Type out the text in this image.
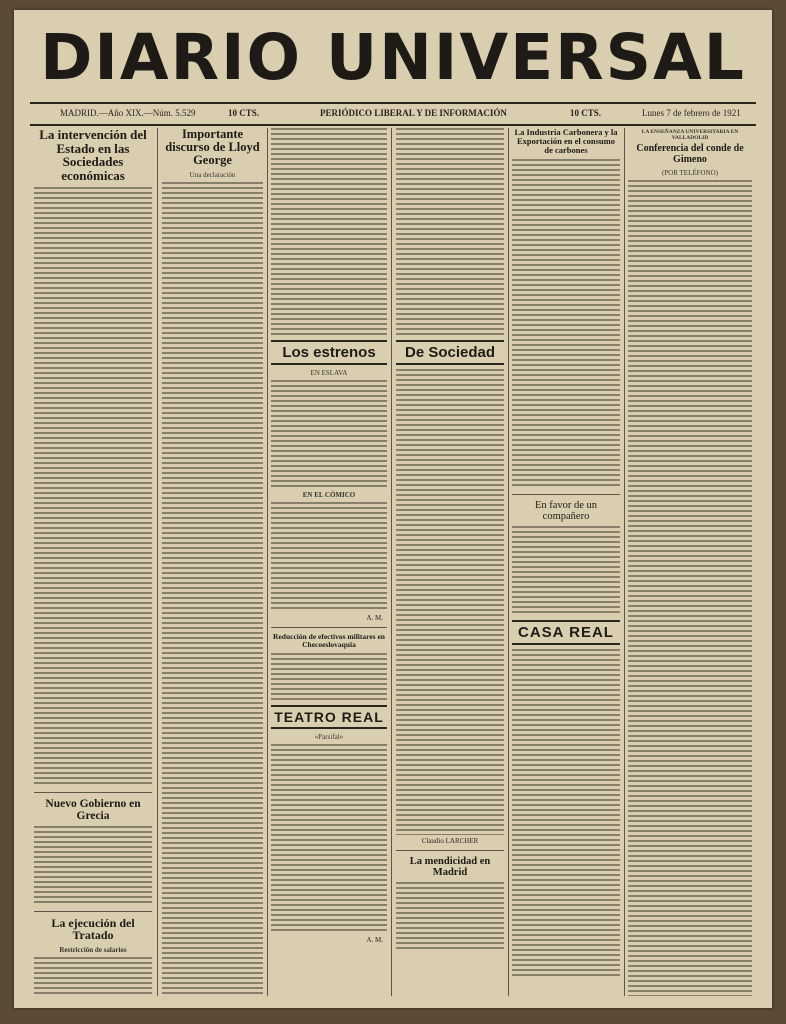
DIARIO UNIVERSAL
MADRID.—Año XIX.—Núm. 5.529	10 CTS.	PERIÓDICO LIBERAL Y DE INFORMACIÓN	10 CTS.	Lunes 7 de febrero de 1921
La intervención del Estado en las Sociedades económicas
Nuevo Gobierno en Grecia
La ejecución del Tratado
Restricción de salarios
Importante discurso de Lloyd George
Una declaración
Los estrenos
EN ESLAVA
EN EL CÓMICO
A. M.
Reducción de efectivos militares en Checoeslovaquia
TEATRO REAL
«Parsifal»
A. M.
De Sociedad
Claudio LARCHER
La mendicidad en Madrid
La Industria Carbonera y la Exportación en el consumo de carbones
En favor de un compañero
CASA REAL
LA ENSEÑANZA UNIVERSITARIA EN VALLADOLID
Conferencia del conde de Gimeno
(POR TELÉFONO)
